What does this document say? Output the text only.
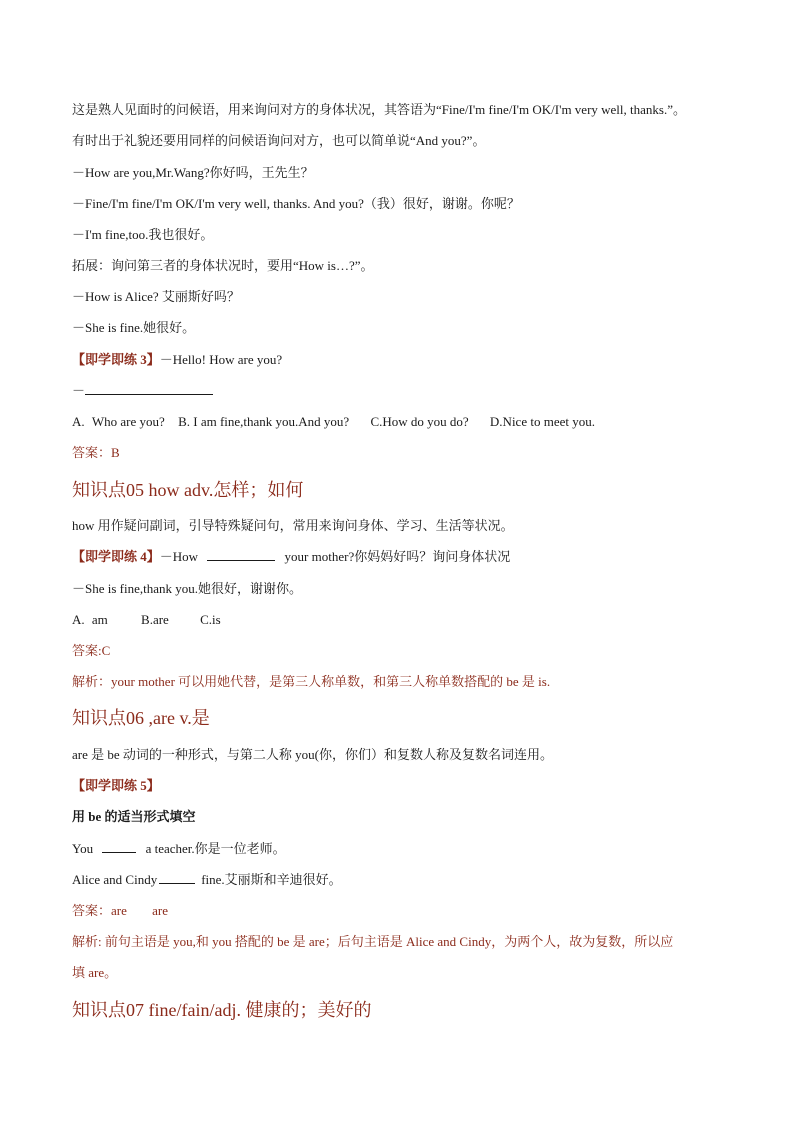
这是熟人见面时的问候语，用来询问对方的身体状况，其答语为“Fine/I'm fine/I'm OK/I'm very well, thanks.”。
有时出于礼貌还要用同样的问候语询问对方，也可以简单说“And you?”。
－How are you,Mr.Wang?你好吗，王先生？
－Fine/I'm fine/I'm OK/I'm very well, thanks. And you?（我）很好，谢谢。你呢？
－I'm fine,too.我也很好。
拓展：询问第三者的身体状况时，要用“How is…?”。
－How is Alice? 艾丽斯好吗？
－She is fine.她很好。
【即学即练 3】－Hello! How are you?
－
A. Who are you? B. I am fine,thank you.And you? C.How do you do? D.Nice to meet you.
答案：B
知识点05 how adv.怎样；如何
how 用作疑问副词，引导特殊疑问句，常用来询问身体、学习、生活等状况。
【即学即练 4】－How	your mother?你妈妈好吗？询问身体状况
－She is fine,thank you.她很好，谢谢你。
A. am	B.are C.is
答案:C
解析：your mother 可以用她代替，是第三人称单数，和第三人称单数搭配的 be 是 is.
知识点06 ,are v.是
are 是 be 动词的一种形式，与第二人称 you(你，你们）和复数人称及复数名词连用。
【即学即练 5】
用 be 的适当形式填空
You	a teacher.你是一位老师。
Alice and Cindy	fine.艾丽斯和辛迪很好。
答案：are are
解析: 前句主语是 you,和 you 搭配的 be 是 are；后句主语是 Alice and Cindy，为两个人，故为复数，所以应
填 are。
知识点07 fine/fain/adj. 健康的；美好的
